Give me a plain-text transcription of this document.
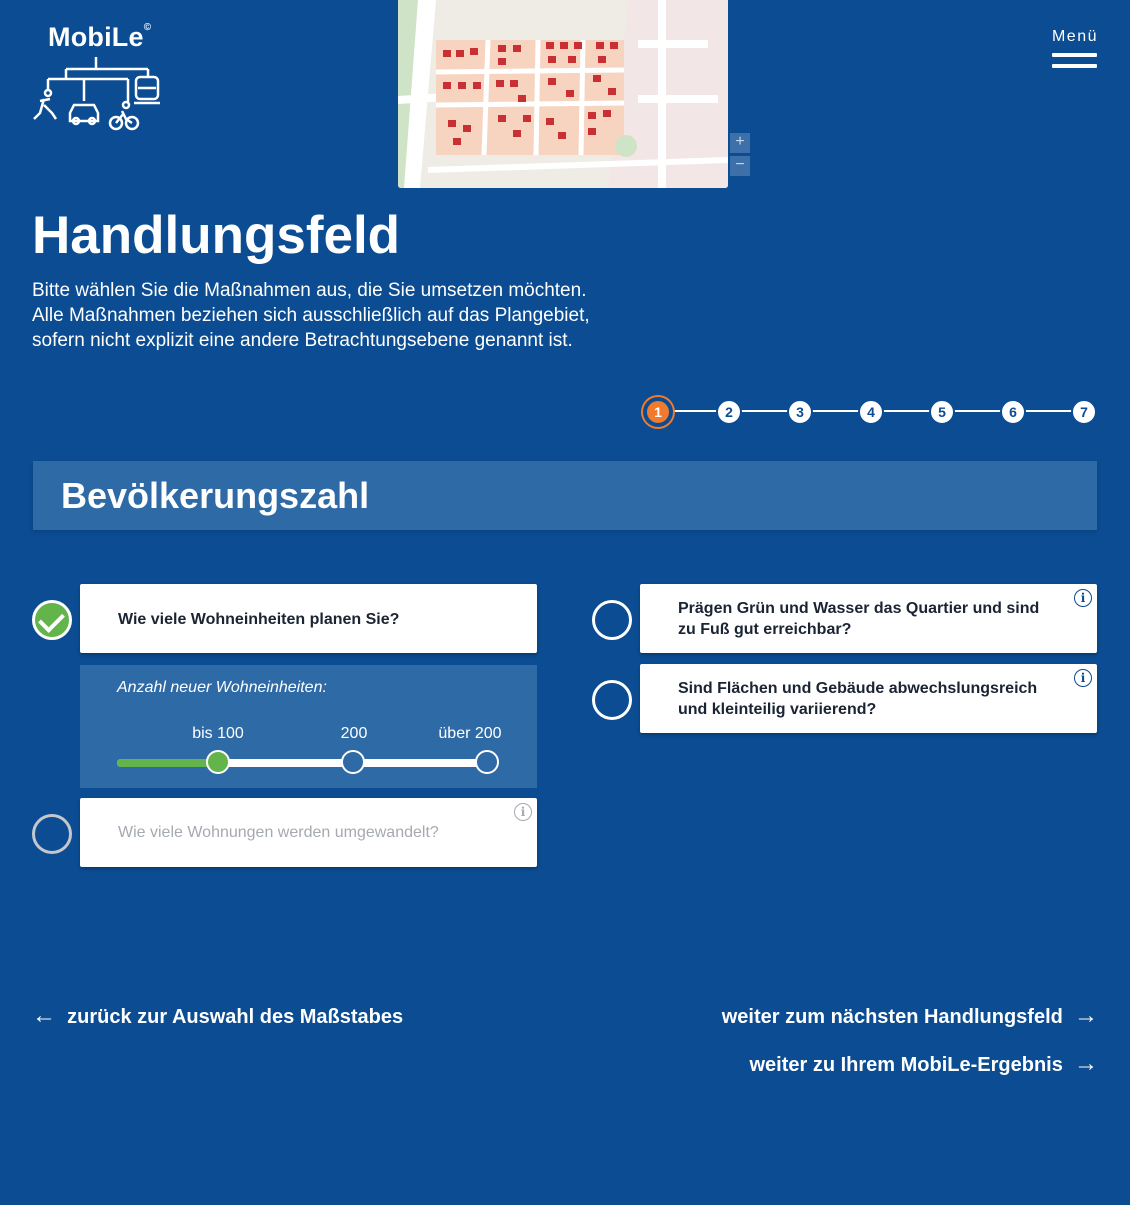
MobiLe©
+
−
Menü
Handlungsfeld

Bitte wählen Sie die Maßnahmen aus, die Sie umsetzen möchten. Alle Maßnahmen beziehen sich ausschließlich auf das Plangebiet, sofern nicht explizit eine andere Betrachtungsebene genannt ist.

1	2	3	4	5	6	7
Bevölkerungszahl
Wie viele Wohneinheiten planen Sie?
Anzahl neuer Wohneinheiten:
bis 100	200	über 200
Wie viele Wohnungen werden umgewandelt?
i
Prägen Grün und Wasser das Quartier und sind zu Fuß gut erreichbar?
i
Sind Flächen und Gebäude abwechslungsreich und kleinteilig variierend?
i
← zurück zur Auswahl des Maßstabes	weiter zum nächsten Handlungsfeld →
weiter zu Ihrem MobiLe-Ergebnis →
